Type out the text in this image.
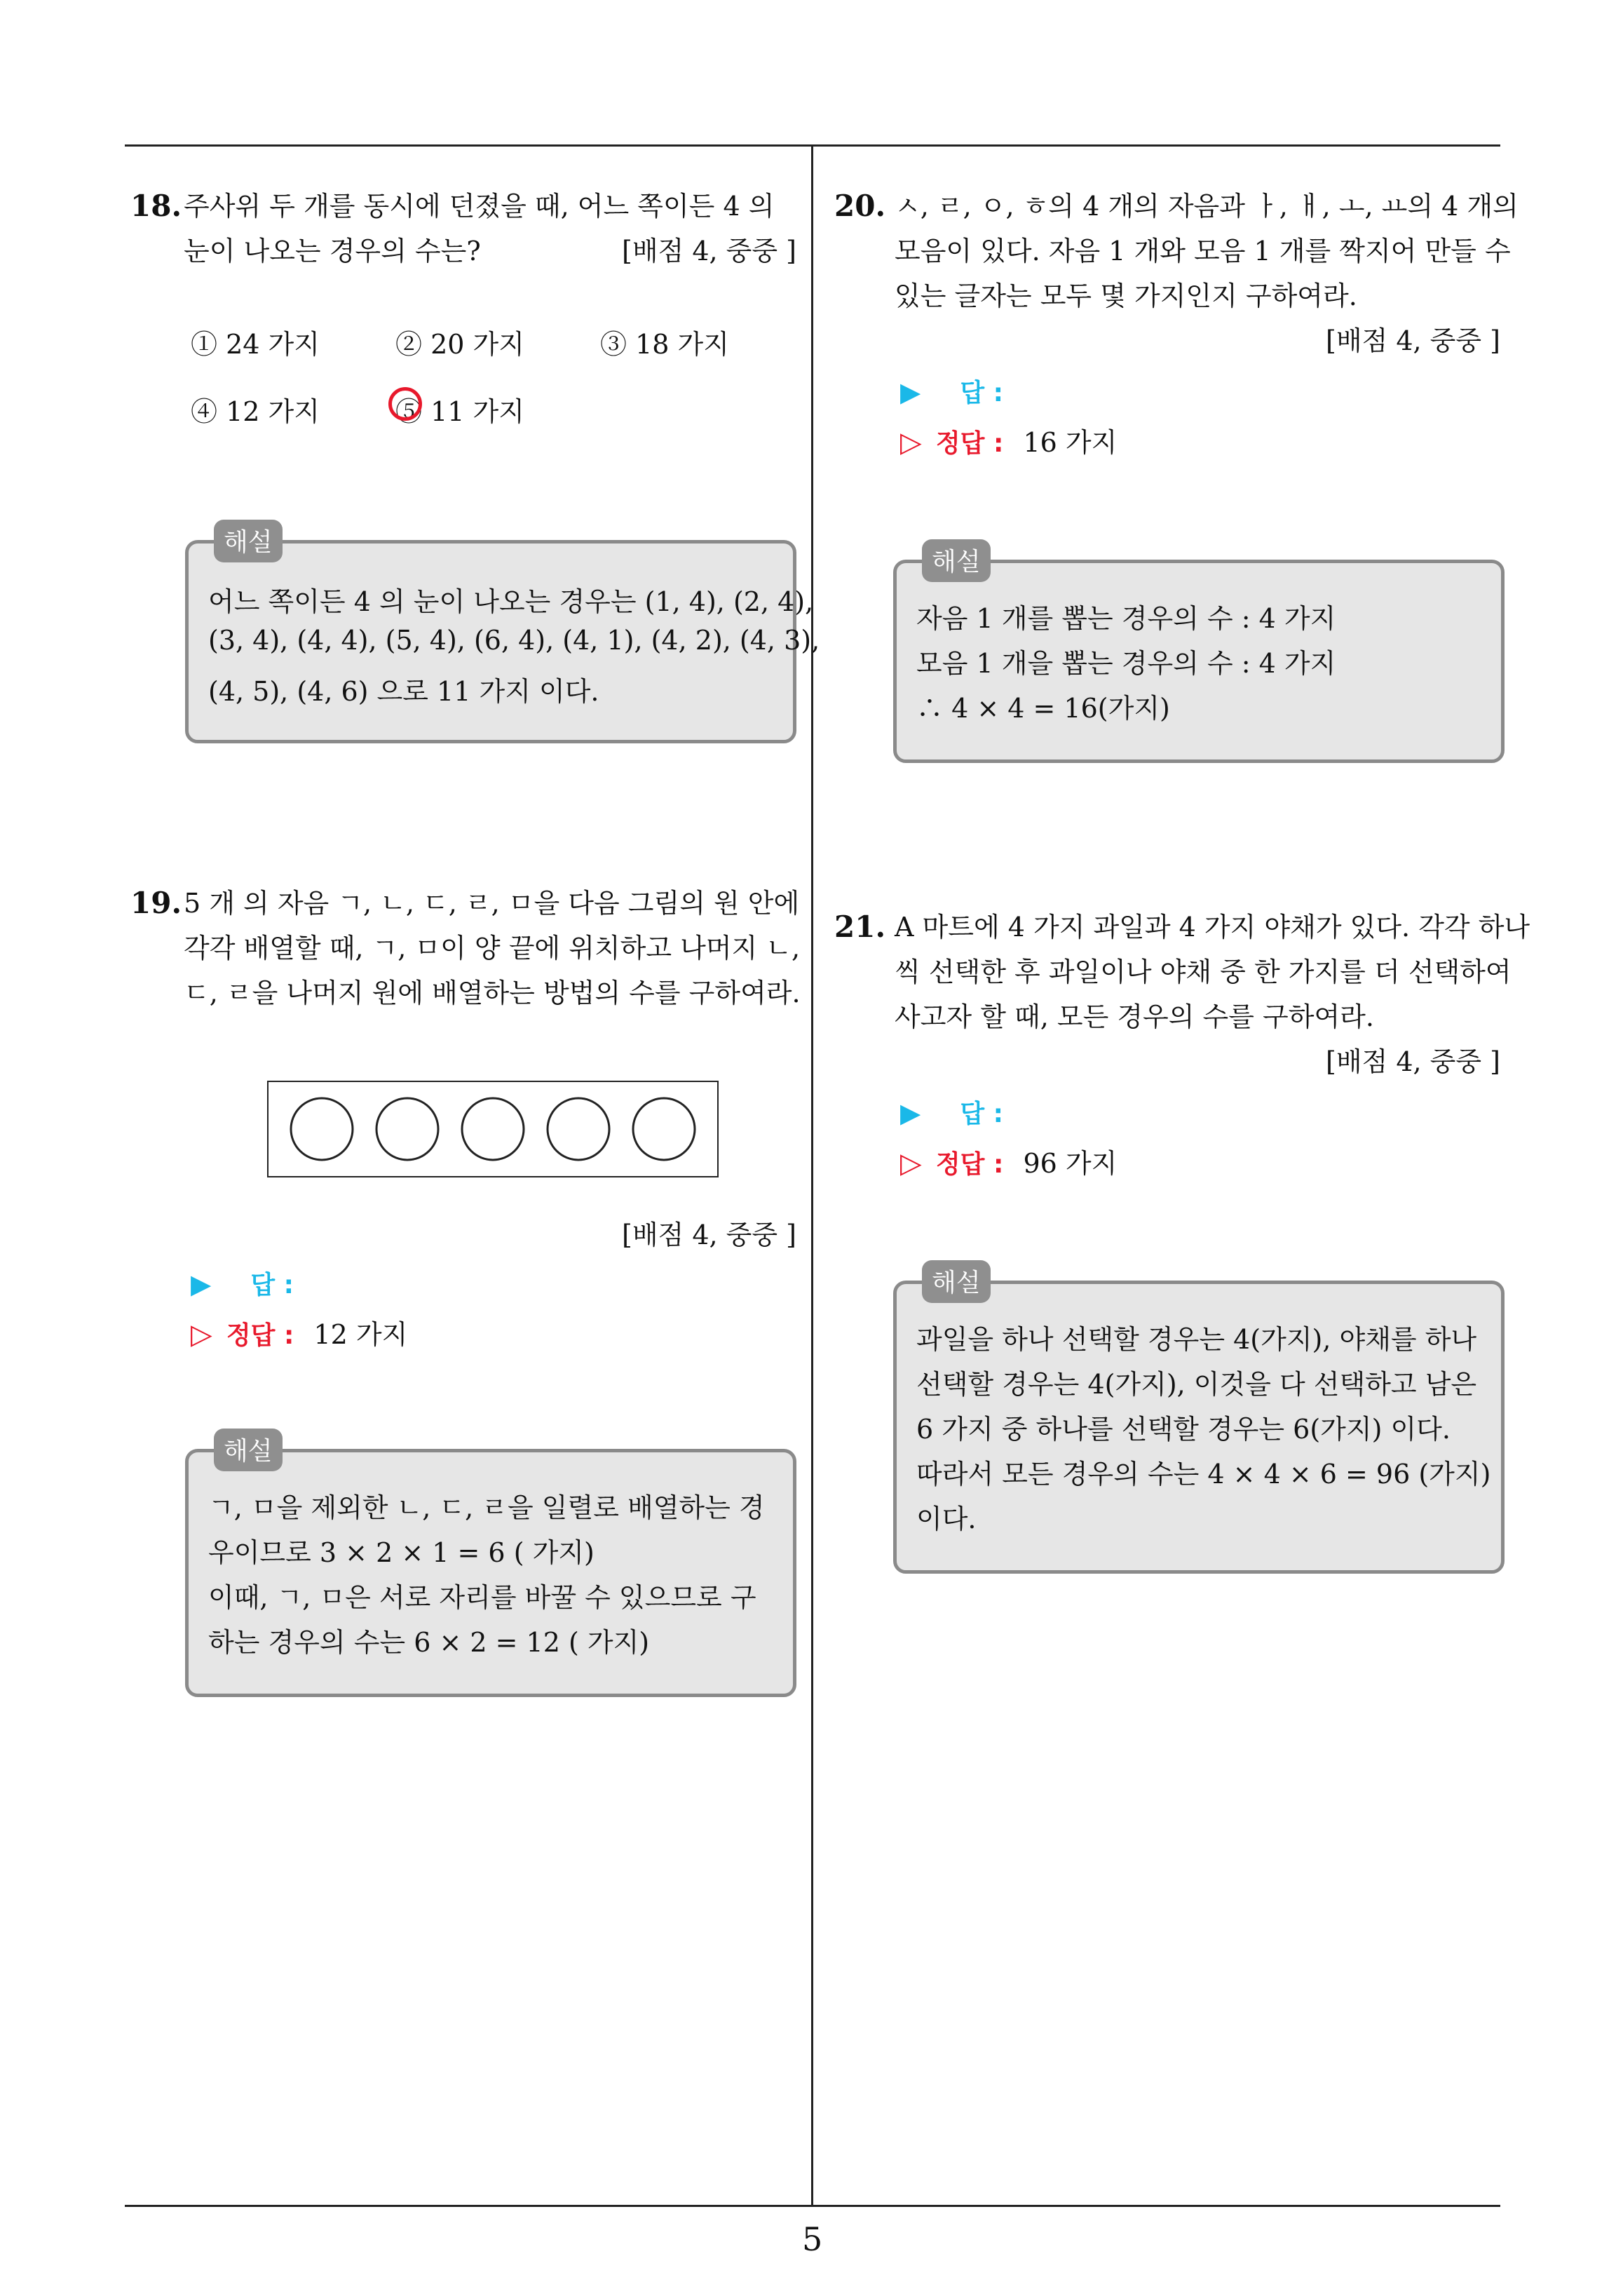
18. 주사위 두 개를 동시에 던졌을 때, 어느 쪽이든 4 의
눈이 나오는 경우의 수는?	[배점 4, 중중 ]
① 24 가지	② 20 가지	③ 18 가지
④ 12 가지	⑤ 11 가지
해설
어느 쪽이든 4 의 눈이 나오는 경우는 (1, 4), (2, 4),
(3, 4), (4, 4), (5, 4), (6, 4), (4, 1), (4, 2), (4, 3),
(4, 5), (4, 6) 으로 11 가지 이다.
19. 5 개 의 자음 ㄱ, ㄴ, ㄷ, ㄹ, ㅁ을 다음 그림의 원 안에
각각 배열할 때, ㄱ, ㅁ이 양 끝에 위치하고 나머지 ㄴ,
ㄷ, ㄹ을 나머지 원에 배열하는 방법의 수를 구하여라.
[배점 4, 중중 ]
▶ 답 :
▷ 정답 : 12 가지
해설
ㄱ, ㅁ을 제외한 ㄴ, ㄷ, ㄹ을 일렬로 배열하는 경
우이므로 3 × 2 × 1 = 6 ( 가지)
이때, ㄱ, ㅁ은 서로 자리를 바꿀 수 있으므로 구
하는 경우의 수는 6 × 2 = 12 ( 가지)
20. ㅅ, ㄹ, ㅇ, ㅎ의 4 개의 자음과 ㅏ, ㅐ, ㅗ, ㅛ의 4 개의
모음이 있다. 자음 1 개와 모음 1 개를 짝지어 만들 수
있는 글자는 모두 몇 가지인지 구하여라.
[배점 4, 중중 ]
▶ 답 :
▷ 정답 : 16 가지
해설
자음 1 개를 뽑는 경우의 수 : 4 가지
모음 1 개을 뽑는 경우의 수 : 4 가지
∴ 4 × 4 = 16(가지)
21. A 마트에 4 가지 과일과 4 가지 야채가 있다. 각각 하나
씩 선택한 후 과일이나 야채 중 한 가지를 더 선택하여
사고자 할 때, 모든 경우의 수를 구하여라.
[배점 4, 중중 ]
▶ 답 :
▷ 정답 : 96 가지
해설
과일을 하나 선택할 경우는 4(가지), 야채를 하나
선택할 경우는 4(가지), 이것을 다 선택하고 남은
6 가지 중 하나를 선택할 경우는 6(가지) 이다.
따라서 모든 경우의 수는 4 × 4 × 6 = 96 (가지)
이다.
5
